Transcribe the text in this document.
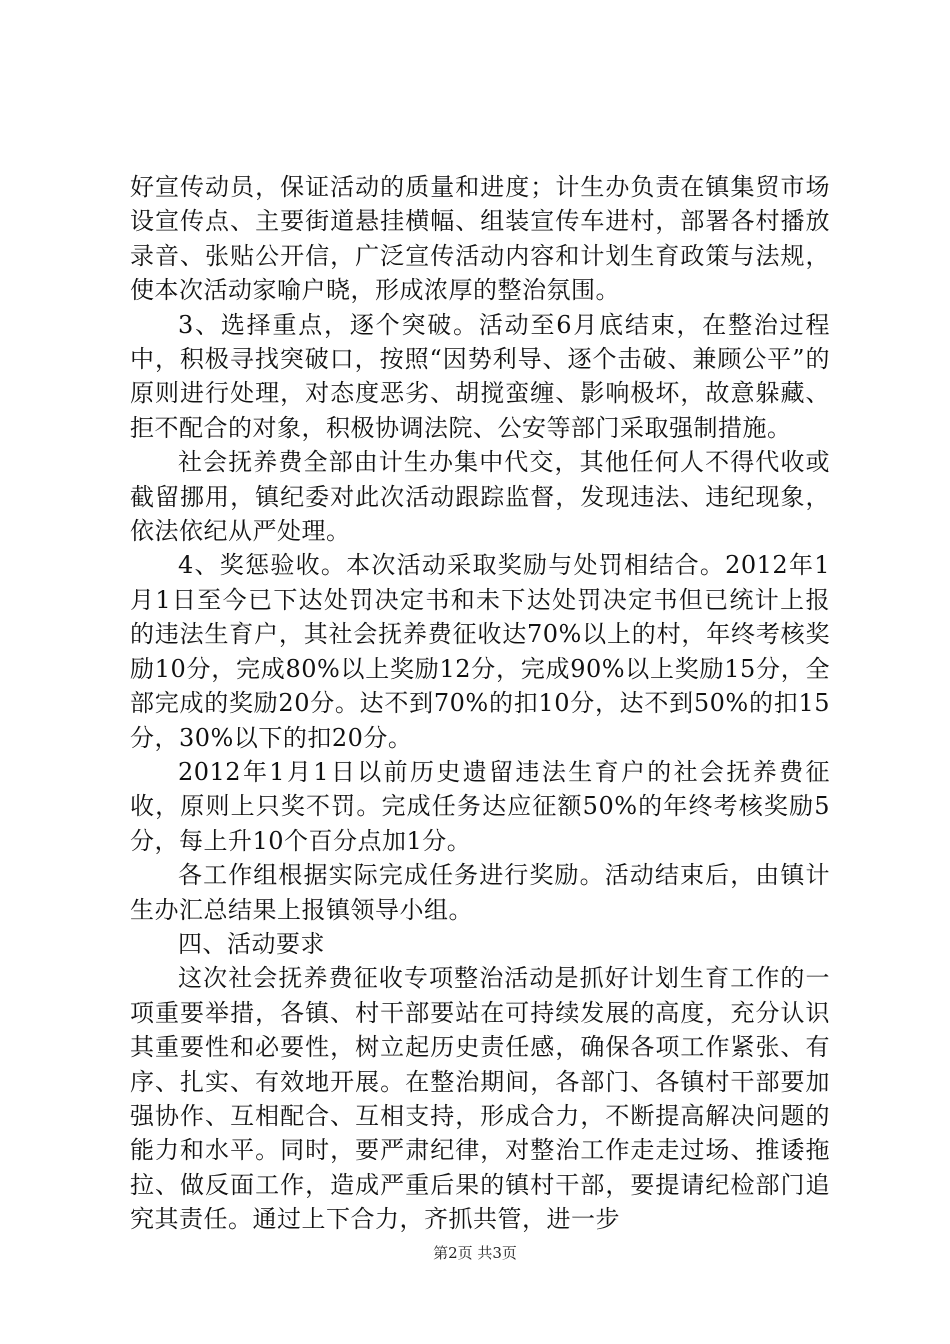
好宣传动员，保证活动的质量和进度；计生办负责在镇集贸市场设宣传点、主要街道悬挂横幅、组装宣传车进村，部署各村播放录音、张贴公开信，广泛宣传活动内容和计划生育政策与法规，使本次活动家喻户晓，形成浓厚的整治氛围。

3、选择重点，逐个突破。活动至6月底结束，在整治过程中，积极寻找突破口，按照“因势利导、逐个击破、兼顾公平”的原则进行处理，对态度恶劣、胡搅蛮缠、影响极坏，故意躲藏、拒不配合的对象，积极协调法院、公安等部门采取强制措施。

社会抚养费全部由计生办集中代交，其他任何人不得代收或截留挪用，镇纪委对此次活动跟踪监督，发现违法、违纪现象，依法依纪从严处理。

4、奖惩验收。本次活动采取奖励与处罚相结合。2012年1月1日至今已下达处罚决定书和未下达处罚决定书但已统计上报的违法生育户，其社会抚养费征收达70%以上的村，年终考核奖励10分，完成80%以上奖励12分，完成90%以上奖励15分，全部完成的奖励20分。达不到70%的扣10分，达不到50%的扣15分，30%以下的扣20分。

2012年1月1日以前历史遗留违法生育户的社会抚养费征收，原则上只奖不罚。完成任务达应征额50%的年终考核奖励5分，每上升10个百分点加1分。

各工作组根据实际完成任务进行奖励。活动结束后，由镇计生办汇总结果上报镇领导小组。

四、活动要求

这次社会抚养费征收专项整治活动是抓好计划生育工作的一项重要举措，各镇、村干部要站在可持续发展的高度，充分认识其重要性和必要性，树立起历史责任感，确保各项工作紧张、有序、扎实、有效地开展。在整治期间，各部门、各镇村干部要加强协作、互相配合、互相支持，形成合力，不断提高解决问题的能力和水平。同时，要严肃纪律，对整治工作走走过场、推诿拖拉、做反面工作，造成严重后果的镇村干部，要提请纪检部门追究其责任。通过上下合力，齐抓共管，进一步

第2页 共3页
